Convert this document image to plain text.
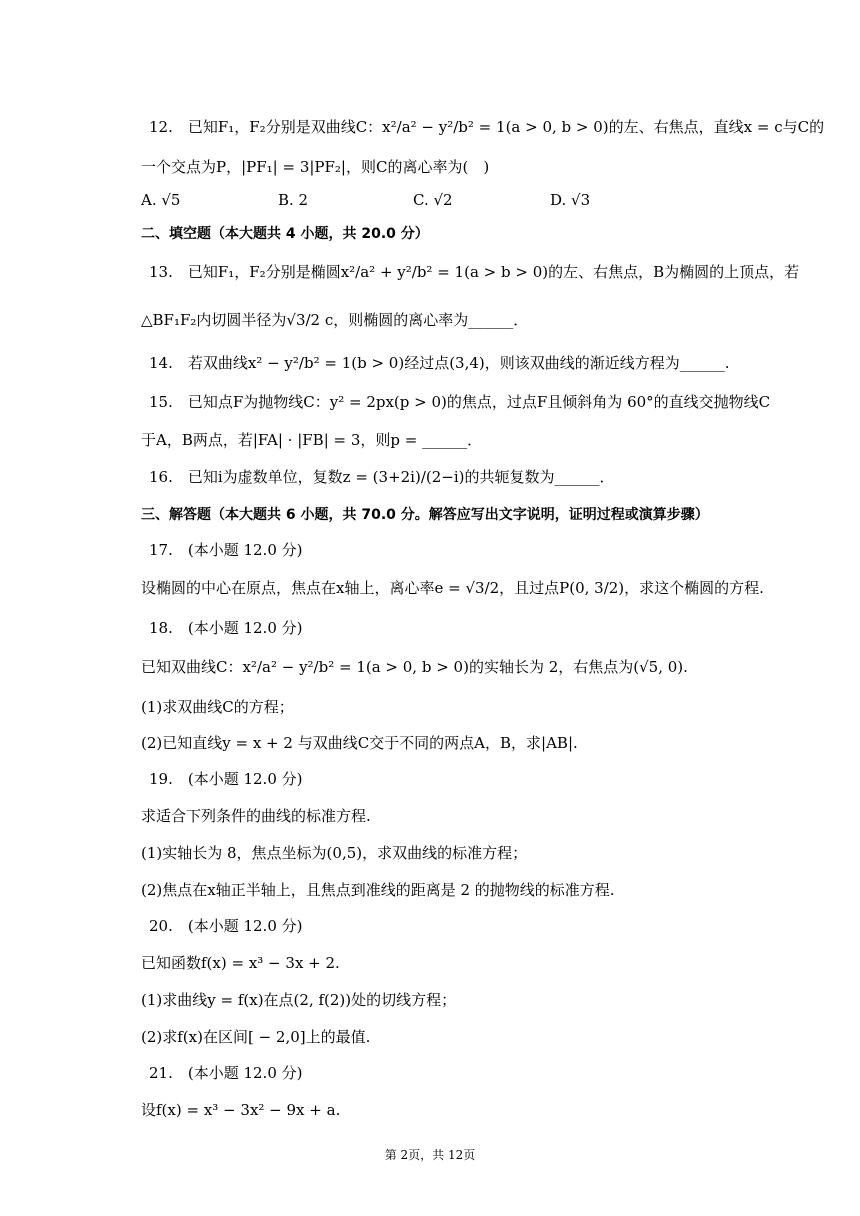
12.　已知F₁，F₂分别是双曲线C：x²/a² − y²/b² = 1(a > 0, b > 0)的左、右焦点，直线x = c与C的
一个交点为P，|PF₁| = 3|PF₂|，则C的离心率为(　)
A. √5	B. 2	C. √2	D. √3
二、填空题（本大题共 4 小题，共 20.0 分）
13.　已知F₁，F₂分别是椭圆x²/a² + y²/b² = 1(a > b > 0)的左、右焦点，B为椭圆的上顶点，若
△BF₁F₂内切圆半径为√3/2 c，则椭圆的离心率为______．
14.　若双曲线x² − y²/b² = 1(b > 0)经过点(3,4)，则该双曲线的渐近线方程为______.
15.　已知点F为抛物线C：y² = 2px(p > 0)的焦点，过点F且倾斜角为 60°的直线交抛物线C
于A，B两点，若|FA| · |FB| = 3，则p = ______．
16.　已知i为虚数单位，复数z = (3+2i)/(2−i)的共轭复数为______．
三、解答题（本大题共 6 小题，共 70.0 分。解答应写出文字说明，证明过程或演算步骤）
17.　(本小题 12.0 分)
设椭圆的中心在原点，焦点在x轴上，离心率e = √3/2，且过点P(0, 3/2)，求这个椭圆的方程.
18.　(本小题 12.0 分)
已知双曲线C：x²/a² − y²/b² = 1(a > 0, b > 0)的实轴长为 2，右焦点为(√5, 0).
(1)求双曲线C的方程；
(2)已知直线y = x + 2 与双曲线C交于不同的两点A，B，求|AB|.
19.　(本小题 12.0 分)
求适合下列条件的曲线的标准方程.
(1)实轴长为 8，焦点坐标为(0,5)，求双曲线的标准方程；
(2)焦点在x轴正半轴上，且焦点到准线的距离是 2 的抛物线的标准方程.
20.　(本小题 12.0 分)
已知函数f(x) = x³ − 3x + 2.
(1)求曲线y = f(x)在点(2, f(2))处的切线方程；
(2)求f(x)在区间[ − 2,0]上的最值.
21.　(本小题 12.0 分)
设f(x) = x³ − 3x² − 9x + a.
第 2页，共 12页
